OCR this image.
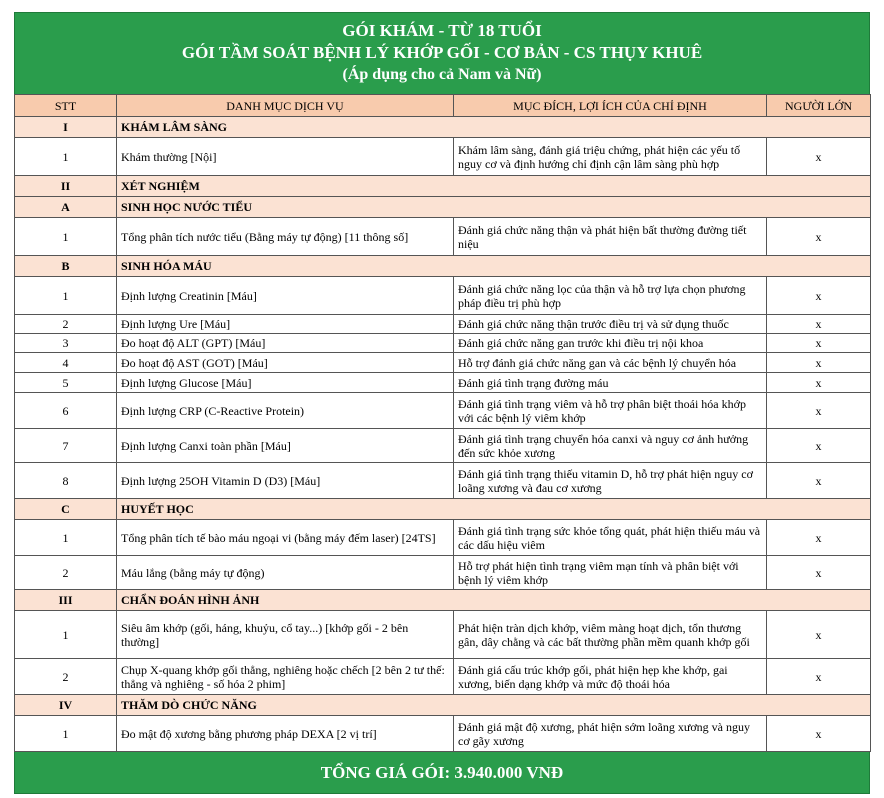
GÓI KHÁM - TỪ 18 TUỔI
GÓI TẦM SOÁT BỆNH LÝ KHỚP GỐI - CƠ BẢN - CS THỤY KHUÊ
(Áp dụng cho cả Nam và Nữ)
STT	DANH MỤC DỊCH VỤ	MỤC ĐÍCH, LỢI ÍCH CỦA CHỈ ĐỊNH	NGƯỜI LỚN
I	KHÁM LÂM SÀNG		
1	Khám thường [Nội]	Khám lâm sàng, đánh giá triệu chứng, phát hiện các yếu tố nguy cơ và định hướng chỉ định cận lâm sàng phù hợp	x
II	XÉT NGHIỆM		
A	SINH HỌC NƯỚC TIỂU		
1	Tổng phân tích nước tiểu (Bằng máy tự động) [11 thông số]	Đánh giá chức năng thận và phát hiện bất thường đường tiết niệu	x
B	SINH HÓA MÁU		
1	Định lượng Creatinin [Máu]	Đánh giá chức năng lọc của thận và hỗ trợ lựa chọn phương pháp điều trị phù hợp	x
2	Định lượng Ure [Máu]	Đánh giá chức năng thận trước điều trị và sử dụng thuốc	x
3	Đo hoạt độ ALT (GPT) [Máu]	Đánh giá chức năng gan trước khi điều trị nội khoa	x
4	Đo hoạt độ AST (GOT) [Máu]	Hỗ trợ đánh giá chức năng gan và các bệnh lý chuyển hóa	x
5	Định lượng Glucose [Máu]	Đánh giá tình trạng đường máu	x
6	Định lượng CRP (C-Reactive Protein)	Đánh giá tình trạng viêm và hỗ trợ phân biệt thoái hóa khớp với các bệnh lý viêm khớp	x
7	Định lượng Canxi toàn phần [Máu]	Đánh giá tình trạng chuyển hóa canxi và nguy cơ ảnh hưởng đến sức khỏe xương	x
8	Định lượng 25OH Vitamin D (D3) [Máu]	Đánh giá tình trạng thiếu vitamin D, hỗ trợ phát hiện nguy cơ loãng xương và đau cơ xương	x
C	HUYẾT HỌC		
1	Tổng phân tích tế bào máu ngoại vi (bằng máy đếm laser) [24TS]	Đánh giá tình trạng sức khỏe tổng quát, phát hiện thiếu máu và các dấu hiệu viêm	x
2	Máu lắng (bằng máy tự động)	Hỗ trợ phát hiện tình trạng viêm mạn tính và phân biệt với bệnh lý viêm khớp	x
III	CHẨN ĐOÁN HÌNH ẢNH		
1	Siêu âm khớp (gối, háng, khuỷu, cổ tay...) [khớp gối - 2 bên thường]	Phát hiện tràn dịch khớp, viêm màng hoạt dịch, tổn thương gân, dây chằng và các bất thường phần mềm quanh khớp gối	x
2	Chụp X-quang khớp gối thẳng, nghiêng hoặc chếch [2 bên 2 tư thế: thẳng và nghiêng - số hóa 2 phim]	Đánh giá cấu trúc khớp gối, phát hiện hẹp khe khớp, gai xương, biến dạng khớp và mức độ thoái hóa	x
IV	THĂM DÒ CHỨC NĂNG		
1	Đo mật độ xương bằng phương pháp DEXA [2 vị trí]	Đánh giá mật độ xương, phát hiện sớm loãng xương và nguy cơ gãy xương	x
TỔNG GIÁ GÓI: 3.940.000 VNĐ
